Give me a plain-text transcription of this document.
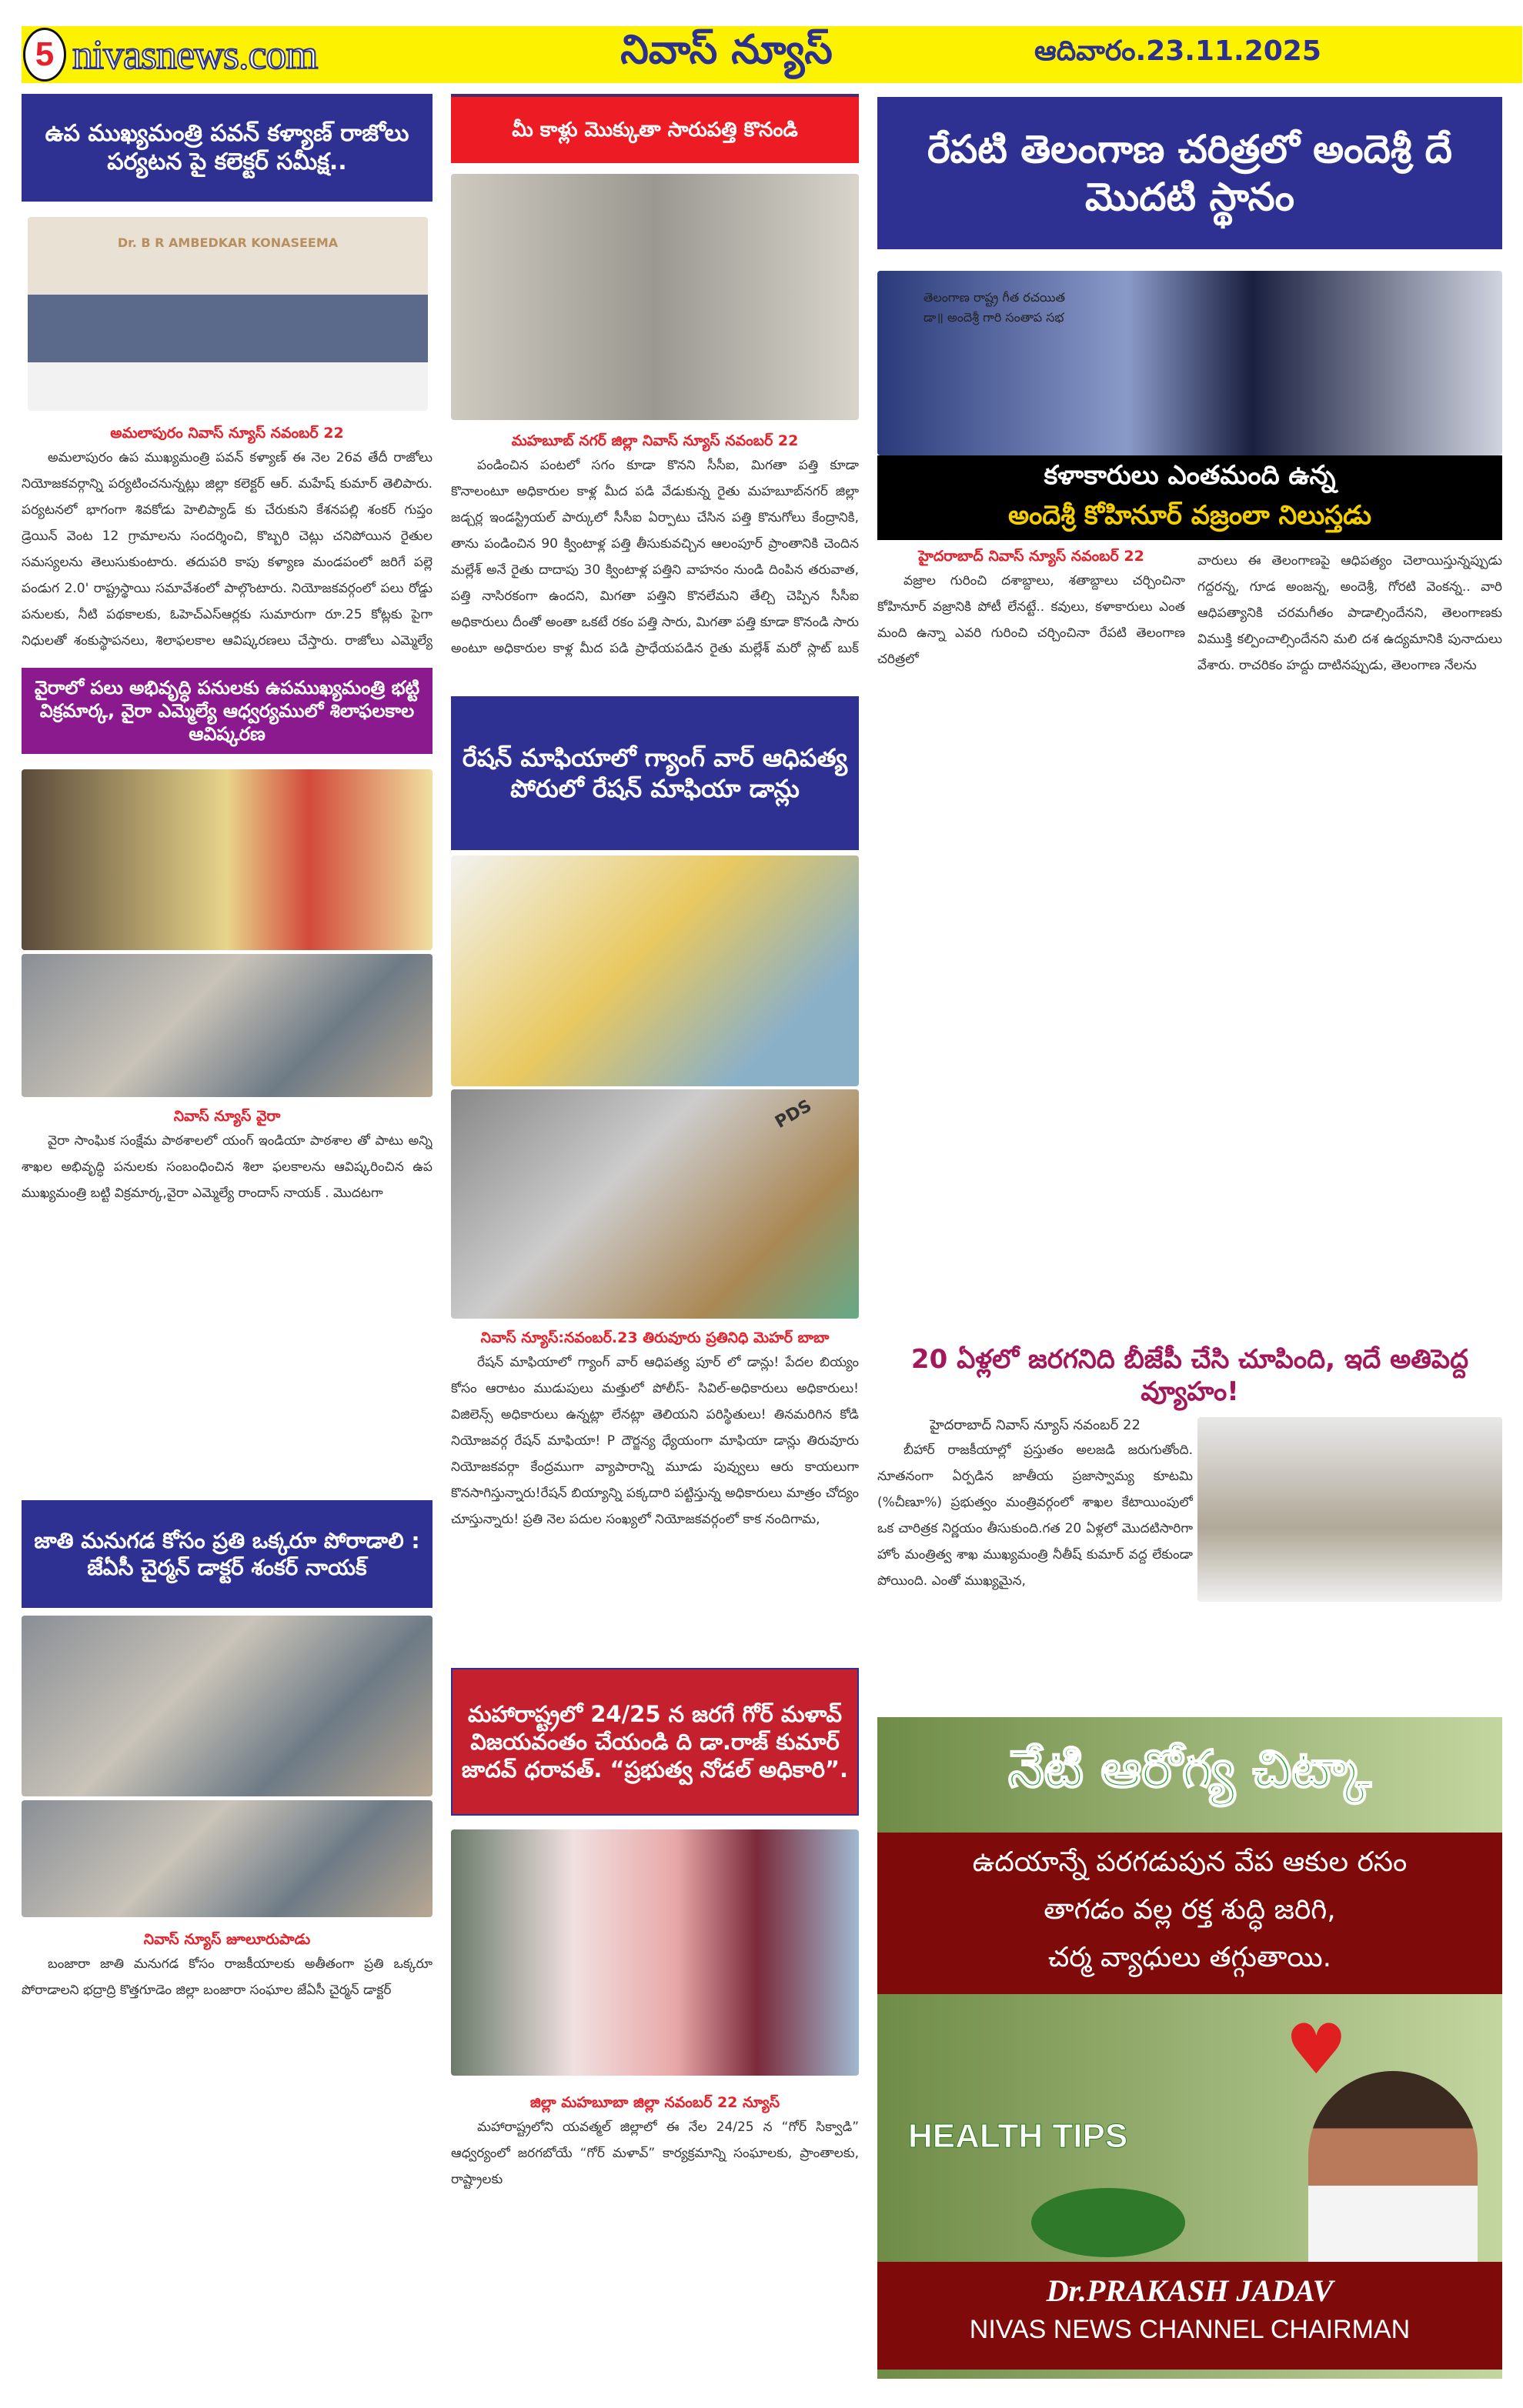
5 nivasnews.com	నివాస్ న్యూస్	ఆదివారం.23.11.2025
ఉప ముఖ్యమంత్రి పవన్ కళ్యాణ్ రాజోలు పర్యటన పై కలెక్టర్ సమీక్ష..
Dr. B R AMBEDKAR KONASEEMA
అమలాపురం నివాస్ న్యూస్ నవంబర్ 22
అమలాపురం ఉప ముఖ్యమంత్రి పవన్ కళ్యాణ్ ఈ నెల 26వ తేదీ రాజోలు నియోజకవర్గాన్ని పర్యటించనున్నట్లు జిల్లా కలెక్టర్ ఆర్. మహేష్ కుమార్ తెలిపారు. పర్యటనలో భాగంగా శివకోడు హెలిప్యాడ్ కు చేరుకుని కేశనపల్లి శంకర్ గుప్తం డ్రెయిన్ వెంట 12 గ్రామాలను సందర్శించి, కొబ్బరి చెట్లు చనిపోయిన రైతుల సమస్యలను తెలుసుకుంటారు. తదుపరి కాపు కళ్యాణ మండపంలో జరిగే పల్లె పండుగ 2.0' రాష్ట్రస్థాయి సమావేశంలో పాల్గొంటారు. నియోజకవర్గంలో పలు రోడ్డు పనులకు, నీటి పథకాలకు, ఓహెచ్ఎస్ఆర్లకు సుమారుగా రూ.25 కోట్లకు పైగా నిధులతో శంకుస్థాపనలు, శిలాఫలకాల ఆవిష్కరణలు చేస్తారు. రాజోలు ఎమ్మెల్యే
వైరాలో పలు అభివృద్ధి పనులకు ఉపముఖ్యమంత్రి భట్టి విక్రమార్క, వైరా ఎమ్మెల్యే ఆధ్వర్యములో శిలాఫలకాల ఆవిష్కరణ
నివాస్ న్యూస్ వైరా
వైరా సాంఘిక సంక్షేమ పాఠశాలలో యంగ్ ఇండియా పాఠశాల తో పాటు అన్ని శాఖల అభివృద్ధి పనులకు సంబంధించిన శిలా ఫలకాలను ఆవిష్కరించిన ఉప ముఖ్యమంత్రి బట్టి విక్రమార్క,వైరా ఎమ్మెల్యే రాందాస్ నాయక్ . మొదటగా
జాతి మనుగడ కోసం ప్రతి ఒక్కరూ పోరాడాలి : జేఏసీ చైర్మన్ డాక్టర్ శంకర్ నాయక్
నివాస్ న్యూస్ జూలూరుపాడు
బంజారా జాతి మనుగడ కోసం రాజకీయాలకు అతీతంగా ప్రతి ఒక్కరూ పోరాడాలని భద్రాద్రి కొత్తగూడెం జిల్లా బంజారా సంఘాల జేఏసీ చైర్మన్ డాక్టర్
మీ కాళ్లు మొక్కుతా సారుపత్తి కొనండి
మహబూబ్ నగర్ జిల్లా నివాస్ న్యూస్ నవంబర్ 22
పండించిన పంటలో సగం కూడా కొనని సీసీఐ, మిగతా పత్తి కూడా కొనాలంటూ అధికారుల కాళ్ల మీద పడి వేడుకున్న రైతు మహబూబ్‌నగర్ జిల్లా జడ్చర్ల ఇండస్ట్రియల్ పార్కులో సీసీఐ ఏర్పాటు చేసిన పత్తి కొనుగోలు కేంద్రానికి, తాను పండించిన 90 క్వింటాళ్ల పత్తి తీసుకువచ్చిన ఆలంపూర్ ప్రాంతానికి చెందిన మల్లేశ్ అనే రైతు దాదాపు 30 క్వింటాళ్ల పత్తిని వాహనం నుండి దింపిన తరువాత, పత్తి నాసిరకంగా ఉందని, మిగతా పత్తిని కొనలేమని తేల్చి చెప్పిన సీసీఐ అధికారులు దీంతో అంతా ఒకటే రకం పత్తి సారు, మిగతా పత్తి కూడా కొనండి సారు అంటూ అధికారుల కాళ్ల మీద పడి ప్రాధేయపడిన రైతు మల్లేశ్ మరో స్లాట్ బుక్
రేషన్ మాఫియాలో గ్యాంగ్ వార్ ఆధిపత్య పోరులో రేషన్ మాఫియా డాన్లు
PDS
నివాస్ న్యూస్:నవంబర్.23 తిరువూరు ప్రతినిధి మెహర్ బాబా
రేషన్ మాఫియాలో గ్యాంగ్ వార్ ఆధిపత్య పూర్ లో డాన్లు! పేదల బియ్యం కోసం ఆరాటం ముడుపులు మత్తులో పోలీస్- సివిల్-అధికారులు అధికారులు! విజిలెన్స్ అధికారులు ఉన్నట్లా లేనట్లా తెలియని పరిస్థితులు! తినమరిగిన కోడి నియోజవర్గ రేషన్ మాఫియా! P దౌర్జన్య ధ్యేయంగా మాఫియా డాన్లు తిరువూరు నియోజకవర్గా కేంద్రముగా వ్యాపారాన్ని మూడు పువ్వులు ఆరు కాయలుగా కొనసాగిస్తున్నారు!రేషన్ బియ్యాన్ని పక్కదారి పట్టిస్తున్న అధికారులు మాత్రం చోద్యం చూస్తున్నారు! ప్రతి నెల పదుల సంఖ్యలో నియోజకవర్గంలో కాక నందిగామ,
మహారాష్ట్రలో 24/25 న జరగే గోర్ మళావ్ విజయవంతం చేయండి ది డా.రాజ్ కుమార్ జాదవ్ ధరావత్. “ప్రభుత్వ నోడల్ అధికారి”.
జిల్లా మహబూబా జిల్లా నవంబర్ 22 న్యూస్
మహారాష్ట్రలోని యవత్మల్ జిల్లాలో ఈ నేల 24/25 న “గోర్ సిక్వాడి” ఆధ్వర్యంలో జరగబోయే “గోర్ మళావ్” కార్యక్రమాన్ని సంఘాలకు, ప్రాంతాలకు, రాష్ట్రాలకు
రేపటి తెలంగాణ చరిత్రలో అందెశ్రీ దే మొదటి స్థానం
తెలంగాణ రాష్ట్ర గీత రచయిత
డా॥ అందెశ్రీ గారి సంతాప సభ
కళాకారులు ఎంతమంది ఉన్న
అందెశ్రీ కోహినూర్ వజ్రంలా నిలుస్తడు
హైదరాబాద్ నివాస్ న్యూస్ నవంబర్ 22
వజ్రాల గురించి దశాబ్దాలు, శతాబ్దాలు చర్చించినా కోహినూర్ వజ్రానికి పోటీ లేనట్టే.. కవులు, కళాకారులు ఎంత మంది ఉన్నా ఎవరి గురించి చర్చించినా రేపటి తెలంగాణ చరిత్రలో
వారులు ఈ తెలంగాణపై ఆధిపత్యం చెలాయిస్తున్నప్పుడు గద్దరన్న, గూడ అంజన్న, అందెశ్రీ, గోరటి వెంకన్న.. వారి ఆధిపత్యానికి చరమగీతం పాడాల్సిందేనని, తెలంగాణకు విముక్తి కల్పించాల్సిందేనని మలి దశ ఉద్యమానికి పునాదులు వేశారు. రాచరికం హద్దు దాటినప్పుడు, తెలంగాణ నేలను
20 ఏళ్లలో జరగనిది బీజేపీ చేసి చూపింది, ఇదే అతిపెద్ద వ్యూహం!
హైదరాబాద్ నివాస్ న్యూస్ నవంబర్ 22
బీహార్ రాజకీయాల్లో ప్రస్తుతం అలజడి జరుగుతోంది. నూతనంగా ఏర్పడిన జాతీయ ప్రజాస్వామ్య కూటమి (%చీణూ%) ప్రభుత్వం మంత్రివర్గంలో శాఖల కేటాయింపులో ఒక చారిత్రక నిర్ణయం తీసుకుంది.గత 20 ఏళ్లలో మొదటిసారిగా హోం మంత్రిత్వ శాఖ ముఖ్యమంత్రి నీతీష్ కుమార్ వద్ద లేకుండా పోయింది. ఎంతో ముఖ్యమైన,
నేటి ఆరోగ్య చిట్కా
ఉదయాన్నే పరగడుపున వేప ఆకుల రసం
తాగడం వల్ల రక్త శుద్ధి జరిగి,
చర్మ వ్యాధులు తగ్గుతాయి.
♥
HEALTH TIPS
Dr.PRAKASH JADAV
NIVAS NEWS CHANNEL CHAIRMAN
